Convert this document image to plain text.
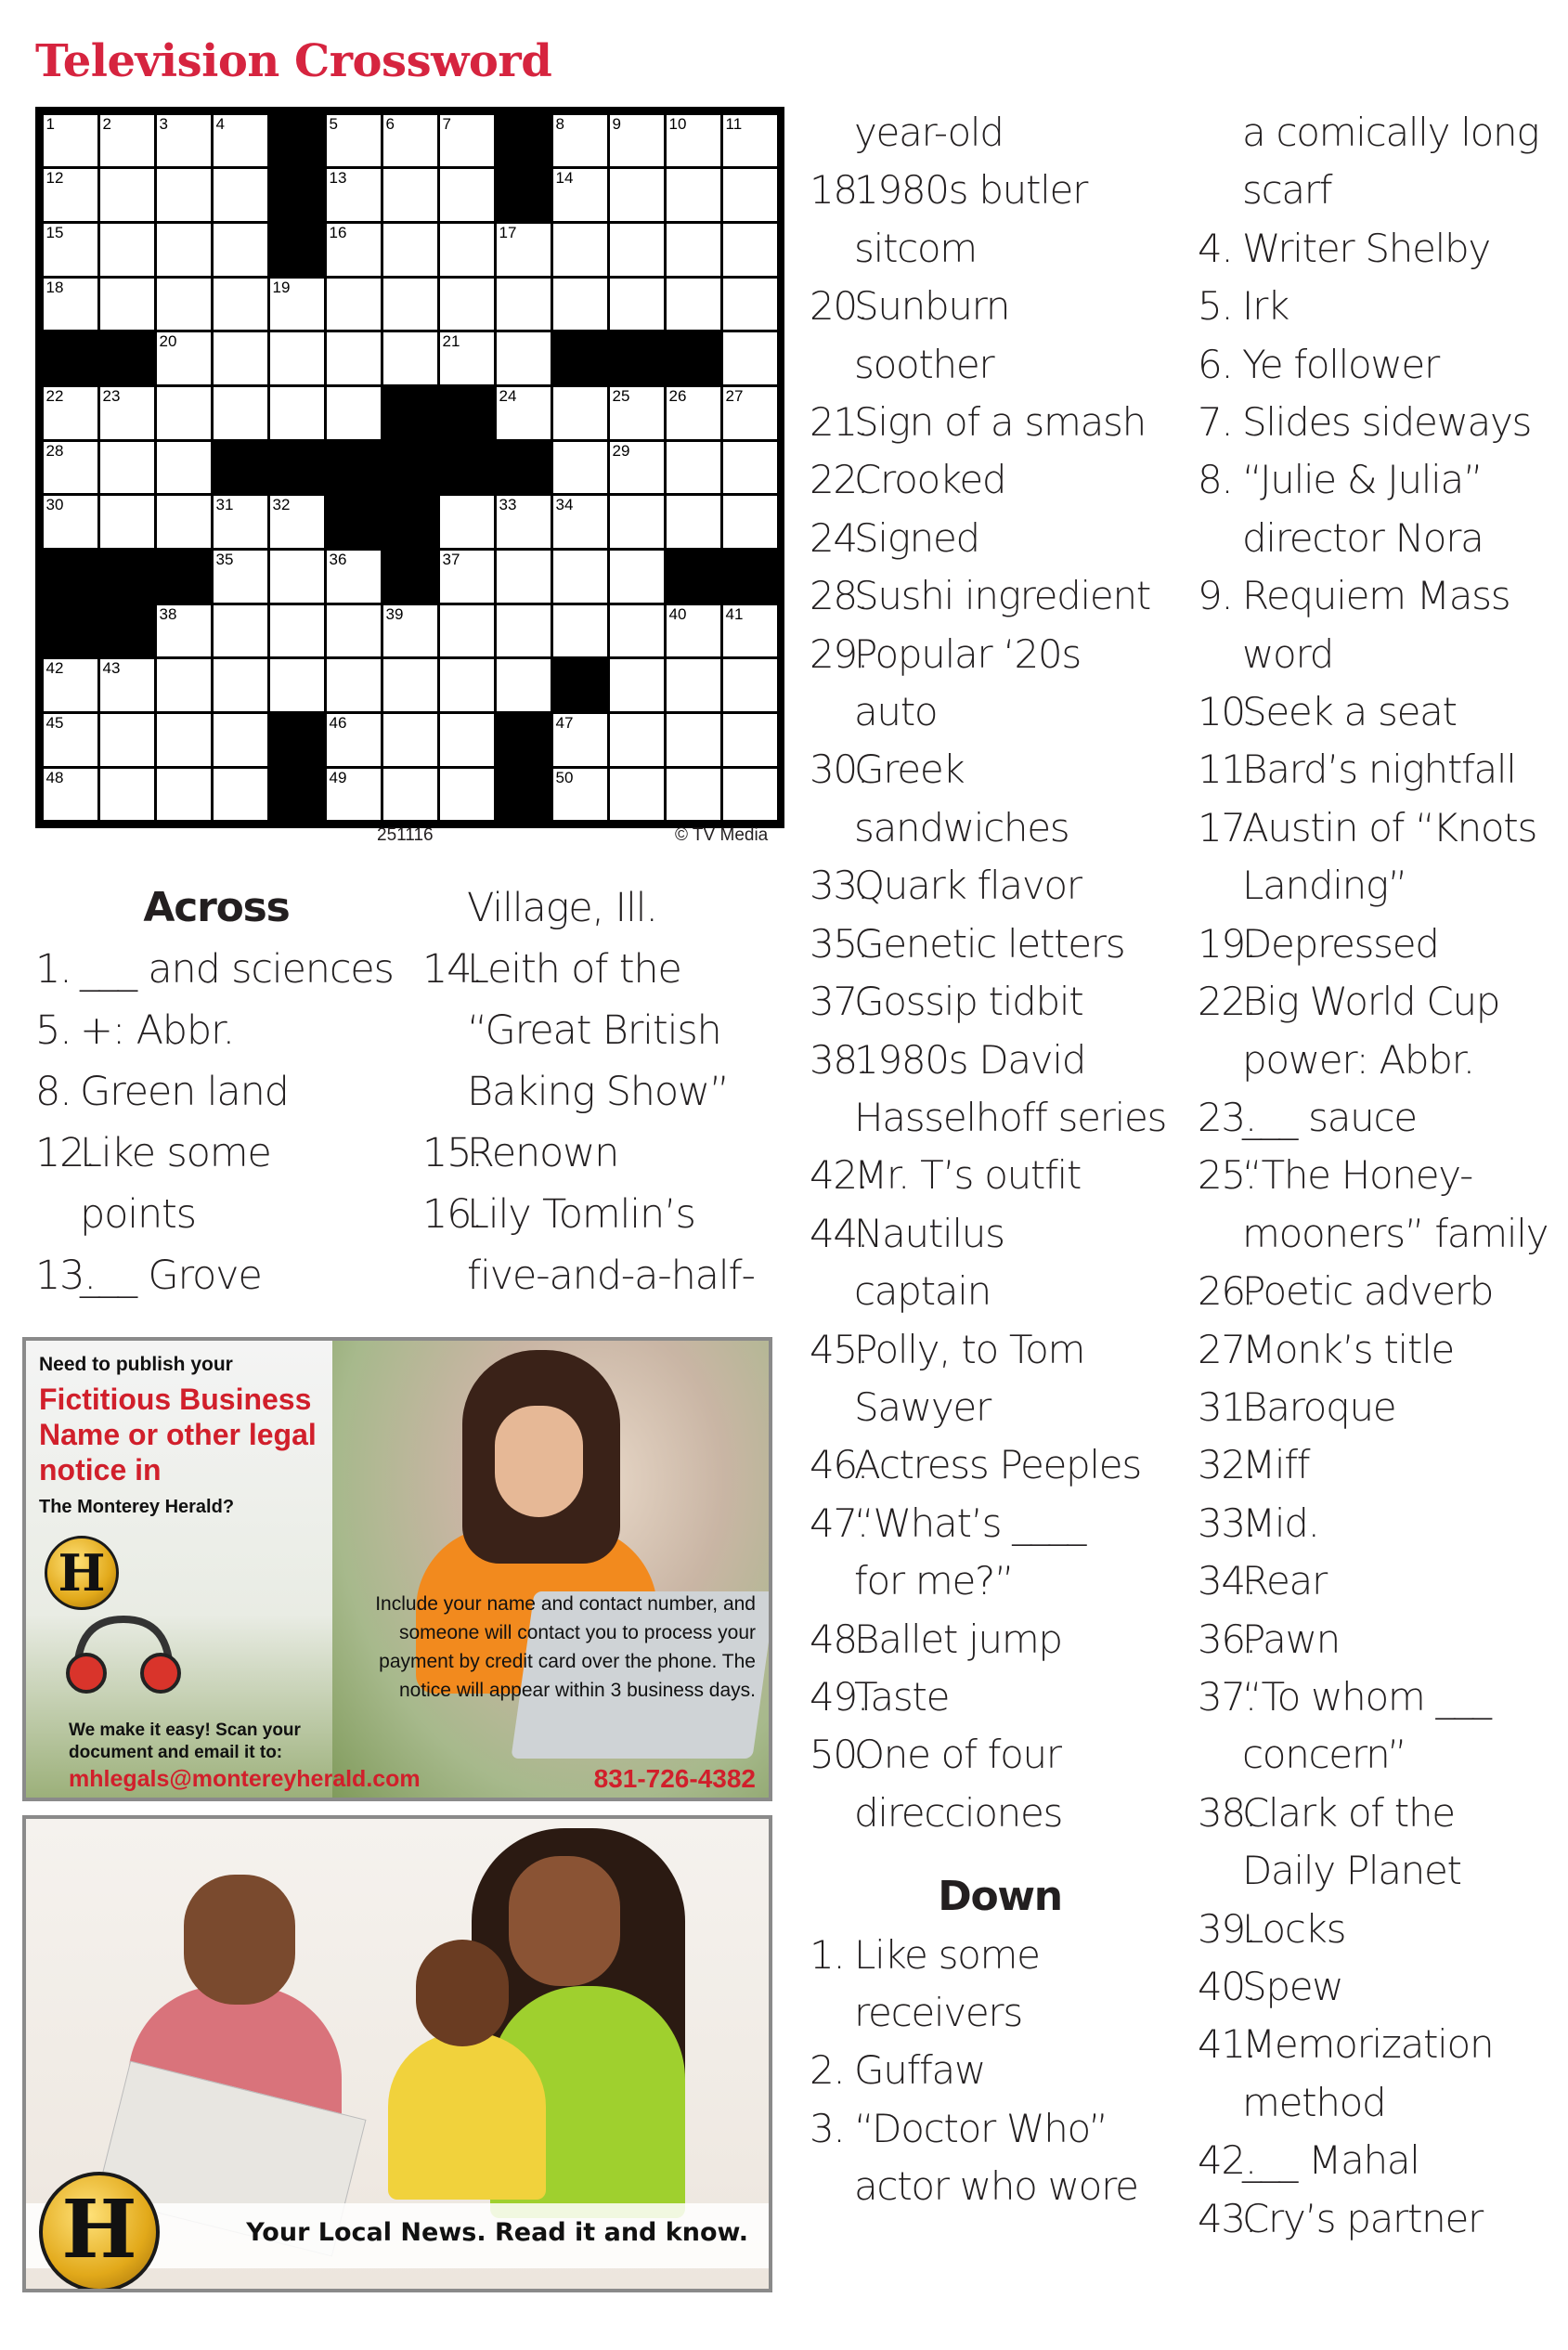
Television Crossword
1	2	3	4	5	6	7	8	9	10 11
12	13	14
15	16	17
18	19
20	21
22 23	24	25 26 27
28	29
30	31 32	33 34
35	36	37
38	39	40 41
42 43
45	46	47
48	49	50
251116	© TV Media
Across
1. ___ and sciences
5. +: Abbr.
8. Green land
12.
Like some
points
13.
___ Grove
Village, Ill.
14.
Leith of the
“Great British
Baking Show”
15.
Renown
16.
Lily Tomlin’s
five-and-a-half-
year-old
18.
1980s butler
sitcom
20.
Sunburn
soother
21.
Sign of a smash
22.
Crooked
24.
Signed
28.
Sushi ingredient
29.
Popular ‘20s
auto
30.
Greek
sandwiches
33.
Quark flavor
35.
Genetic letters
37.
Gossip tidbit
38.
1980s David
Hasselhoff series
42.
Mr. T’s outfit
44.
Nautilus
captain
45.
Polly, to Tom
Sawyer
46.
Actress Peeples
47.
“What’s ____
for me?”
48.
Ballet jump
49.
Taste
50.
One of four
direcciones
Down
1. Like some
receivers
2. Guffaw
3. “Doctor Who”
actor who wore
a comically long
scarf
4. Writer Shelby
5. Irk
6. Ye follower
7. Slides sideways
8. “Julie & Julia”
director Nora
9. Requiem Mass
word
10.
Seek a seat
11.
Bard’s nightfall
17.
Austin of “Knots
Landing”
19.
Depressed
22.
Big World Cup
power: Abbr.
23.
___ sauce
25.
“The Honey-
mooners” family
26.
Poetic adverb
27.
Monk’s title
31.
Baroque
32.
Miff
33.
Mid.
34.
Rear
36.
Pawn
37.
“To whom ___
concern”
38.
Clark of the
Daily Planet
39.
Locks
40.
Spew
41.
Memorization
method
42.
___ Mahal
43.
Cry’s partner
Need to publish your
Fictitious Business Name or other legal notice in
The Monterey Herald?
H
Include your name and contact number, and someone will contact you to process your payment by credit card over the phone. The notice will appear within 3 business days.
We make it easy! Scan your document and email it to:
mhlegals@montereyherald.com	831-726-4382
H	Your Local News. Read it and know.
